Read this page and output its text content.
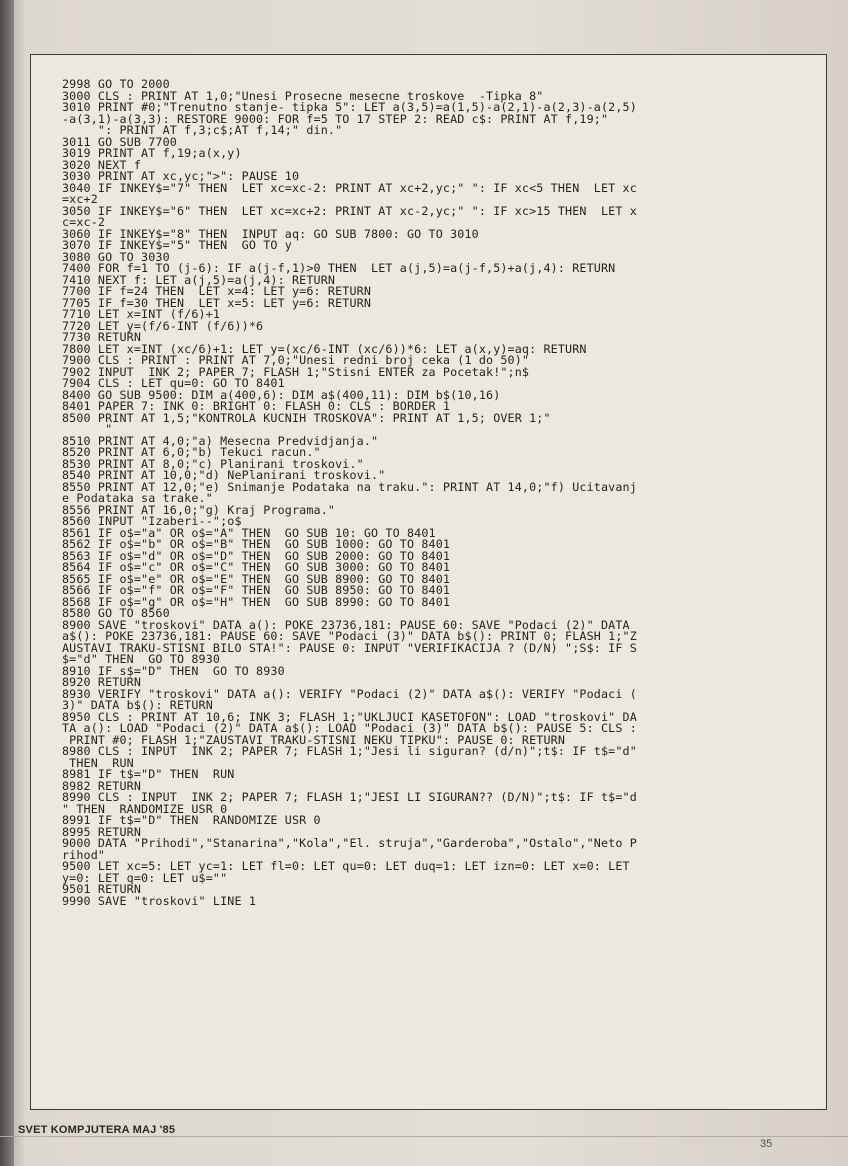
2998 GO TO 2000
3000 CLS : PRINT AT 1,0;"Unesi Prosecne mesecne troskove  -Tipka 8"
3010 PRINT #0;"Trenutno stanje- tipka 5": LET a(3,5)=a(1,5)-a(2,1)-a(2,3)-a(2,5)
-a(3,1)-a(3,3): RESTORE 9000: FOR f=5 TO 17 STEP 2: READ c$: PRINT AT f,19;"
": PRINT AT f,3;c$;AT f,14;" din."
3011 GO SUB 7700
3019 PRINT AT f,19;a(x,y)
3020 NEXT f
3030 PRINT AT xc,yc;">": PAUSE 10
3040 IF INKEY$="7" THEN  LET xc=xc-2: PRINT AT xc+2,yc;" ": IF xc<5 THEN  LET xc
=xc+2
3050 IF INKEY$="6" THEN  LET xc=xc+2: PRINT AT xc-2,yc;" ": IF xc>15 THEN  LET x
c=xc-2
3060 IF INKEY$="8" THEN  INPUT aq: GO SUB 7800: GO TO 3010
3070 IF INKEY$="5" THEN  GO TO y
3080 GO TO 3030
7400 FOR f=1 TO (j-6): IF a(j-f,1)>0 THEN  LET a(j,5)=a(j-f,5)+a(j,4): RETURN
7410 NEXT f: LET a(j,5)=a(j,4): RETURN
7700 IF f=24 THEN  LET x=4: LET y=6: RETURN
7705 IF f=30 THEN  LET x=5: LET y=6: RETURN
7710 LET x=INT (f/6)+1
7720 LET y=(f/6-INT (f/6))*6
7730 RETURN
7800 LET x=INT (xc/6)+1: LET y=(xc/6-INT (xc/6))*6: LET a(x,y)=aq: RETURN
7900 CLS : PRINT : PRINT AT 7,0;"Unesi redni broj ceka (1 do 50)"
7902 INPUT  INK 2; PAPER 7; FLASH 1;"Stisni ENTER za Pocetak!";n$
7904 CLS : LET qu=0: GO TO 8401
8400 GO SUB 9500: DIM a(400,6): DIM a$(400,11): DIM b$(10,16)
8401 PAPER 7: INK 0: BRIGHT 0: FLASH 0: CLS : BORDER 1
8500 PRINT AT 1,5;"KONTROLA KUCNIH TROSKOVA": PRINT AT 1,5; OVER 1;"
"
8510 PRINT AT 4,0;"a) Mesecna Predvidjanja."
8520 PRINT AT 6,0;"b) Tekuci racun."
8530 PRINT AT 8,0;"c) Planirani troskovi."
8540 PRINT AT 10,0;"d) NePlanirani troskovi."
8550 PRINT AT 12,0;"e) Snimanje Podataka na traku.": PRINT AT 14,0;"f) Ucitavanj
e Podataka sa trake."
8556 PRINT AT 16,0;"g) Kraj Programa."
8560 INPUT "Izaberi--";o$
8561 IF o$="a" OR o$="A" THEN  GO SUB 10: GO TO 8401
8562 IF o$="b" OR o$="B" THEN  GO SUB 1000: GO TO 8401
8563 IF o$="d" OR o$="D" THEN  GO SUB 2000: GO TO 8401
8564 IF o$="c" OR o$="C" THEN  GO SUB 3000: GO TO 8401
8565 IF o$="e" OR o$="E" THEN  GO SUB 8900: GO TO 8401
8566 IF o$="f" OR o$="F" THEN  GO SUB 8950: GO TO 8401
8568 IF o$="g" OR o$="H" THEN  GO SUB 8990: GO TO 8401
8580 GO TO 8560
8900 SAVE "troskovi" DATA a(): POKE 23736,181: PAUSE 60: SAVE "Podaci (2)" DATA
a$(): POKE 23736,181: PAUSE 60: SAVE "Podaci (3)" DATA b$(): PRINT 0; FLASH 1;"Z
AUSTAVI TRAKU-STISNI BILO STA!": PAUSE 0: INPUT "VERIFIKACIJA ? (D/N) ";S$: IF S
$="d" THEN  GO TO 8930
8910 IF s$="D" THEN  GO TO 8930
8920 RETURN
8930 VERIFY "troskovi" DATA a(): VERIFY "Podaci (2)" DATA a$(): VERIFY "Podaci (
3)" DATA b$(): RETURN
8950 CLS : PRINT AT 10,6; INK 3; FLASH 1;"UKLJUCI KASETOFON": LOAD "troskovi" DA
TA a(): LOAD "Podaci (2)" DATA a$(): LOAD "Podaci (3)" DATA b$(): PAUSE 5: CLS :
PRINT #0; FLASH 1;"ZAUSTAVI TRAKU-STISNI NEKU TIPKU": PAUSE 0: RETURN
8980 CLS : INPUT  INK 2; PAPER 7; FLASH 1;"Jesi li siguran? (d/n)";t$: IF t$="d"
THEN  RUN
8981 IF t$="D" THEN  RUN
8982 RETURN
8990 CLS : INPUT  INK 2; PAPER 7; FLASH 1;"JESI LI SIGURAN?? (D/N)";t$: IF t$="d
" THEN  RANDOMIZE USR 0
8991 IF t$="D" THEN  RANDOMIZE USR 0
8995 RETURN
9000 DATA "Prihodi","Stanarina","Kola","El. struja","Garderoba","Ostalo","Neto P
rihod"
9500 LET xc=5: LET yc=1: LET fl=0: LET qu=0: LET duq=1: LET izn=0: LET x=0: LET
y=0: LET q=0: LET u$=""
9501 RETURN
9990 SAVE "troskovi" LINE 1
SVET KOMPJUTERA MAJ '85
35
